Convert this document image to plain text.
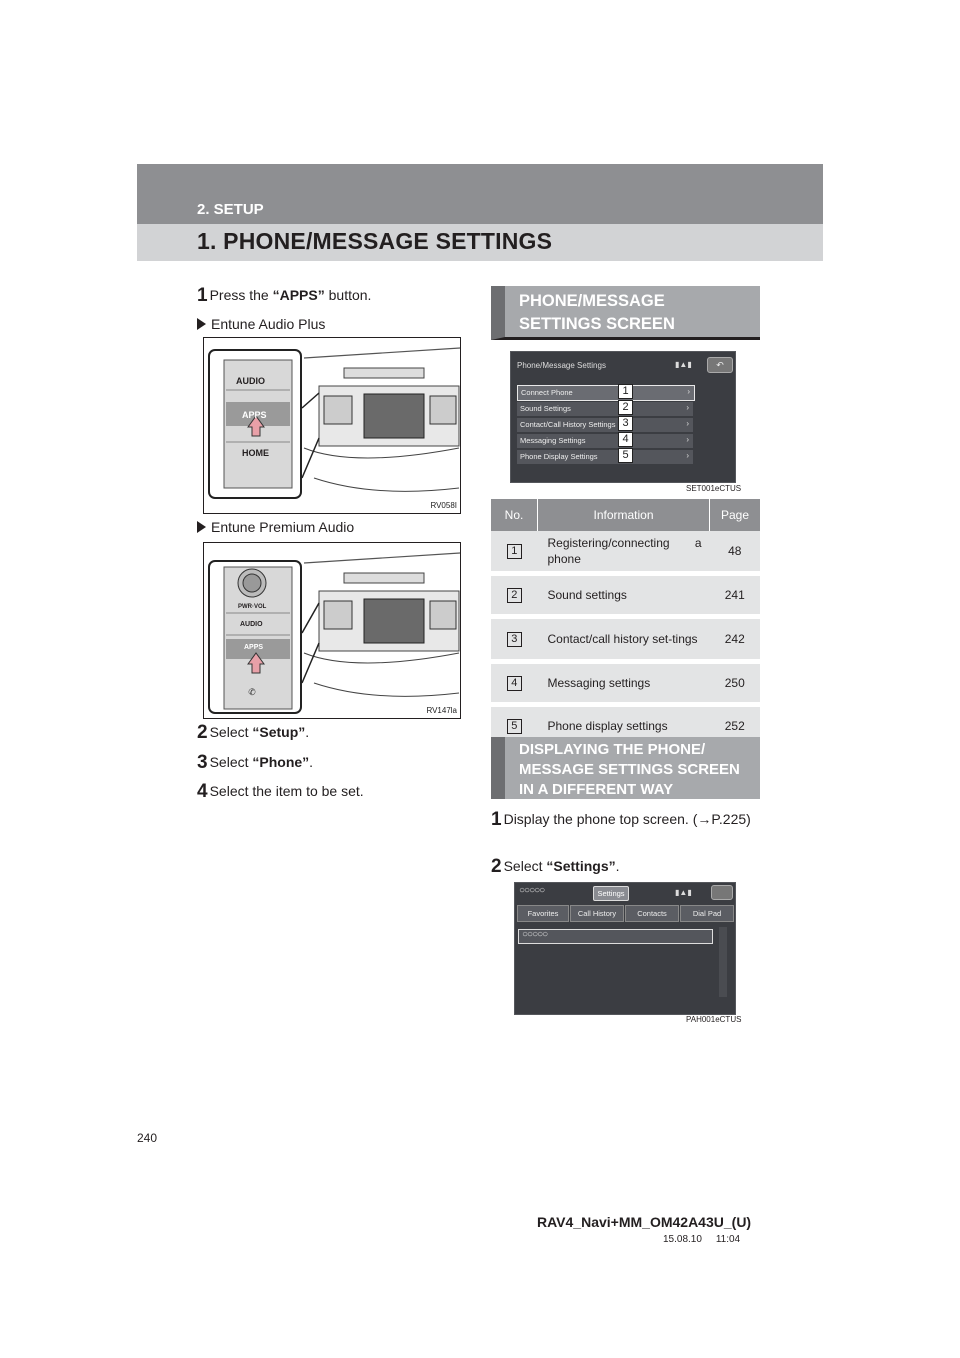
2. SETUP
1. PHONE/MESSAGE SETTINGS
1 Press the “APPS” button.
Entune Audio Plus
RV058I
AUDIO
APPS
HOME
Entune Premium Audio
✆
RV147la
PWR·VOL
AUDIO
APPS
2 Select “Setup”.
3 Select “Phone”.
4 Select the item to be set.
PHONE/MESSAGE SETTINGS SCREEN
Phone/Message Settings	▮▲▮	↶
Connect Phone	›
Sound Settings	›
Contact/Call History Settings	›
Messaging Settings	›
Phone Display Settings	›
1
2
3
4
5
SET001eCTUS
No.	Information	Page
1	Registering/connecting a phone	48
2	Sound settings	241
3	Contact/call history set-tings	242
4	Messaging settings	250
5	Phone display settings	252
DISPLAYING THE PHONE/ MESSAGE SETTINGS SCREEN IN A DIFFERENT WAY
1 Display the phone top screen. (→P.225)
2 Select “Settings”.
○○○○○	Settings	▮▲▮
Favorites	Call History	Contacts	Dial Pad
○○○○○
PAH001eCTUS
240
RAV4_Navi+MM_OM42A43U_(U)
15.08.10     11:04
